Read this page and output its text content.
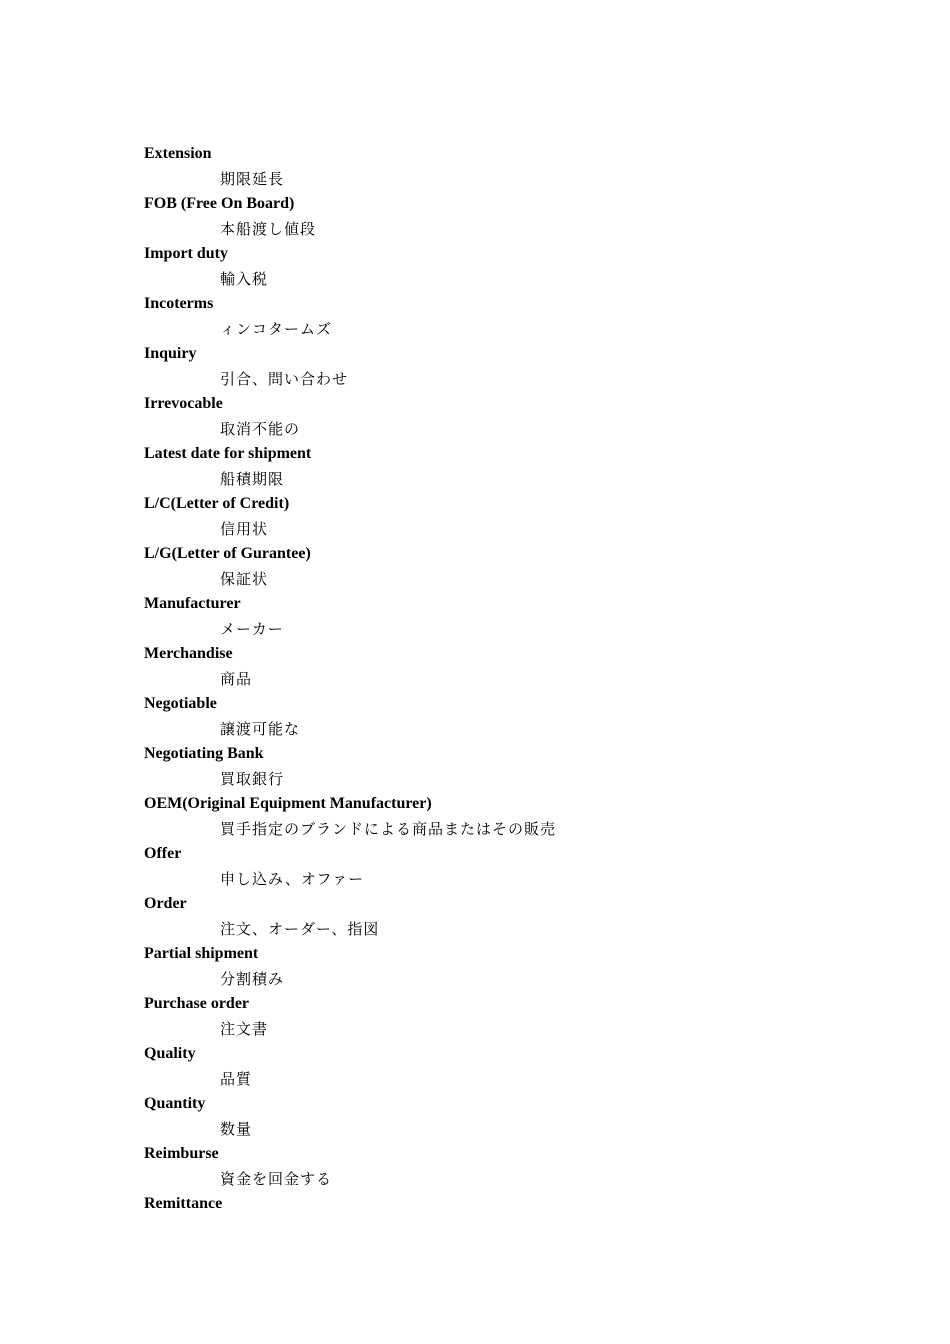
Extension
期限延長
FOB (Free On Board)
本船渡し値段
Import duty
輸入税
Incoterms
ィンコタームズ
Inquiry
引合、問い合わせ
Irrevocable
取消不能の
Latest date for shipment
船積期限
L/C(Letter of Credit)
信用状
L/G(Letter of Gurantee)
保証状
Manufacturer
メーカー
Merchandise
商品
Negotiable
譲渡可能な
Negotiating Bank
買取銀行
OEM(Original Equipment Manufacturer)
買手指定のブランドによる商品またはその販売
Offer
申し込み、オファー
Order
注文、オーダー、指図
Partial shipment
分割積み
Purchase order
注文書
Quality
品質
Quantity
数量
Reimburse
資金を回金する
Remittance
